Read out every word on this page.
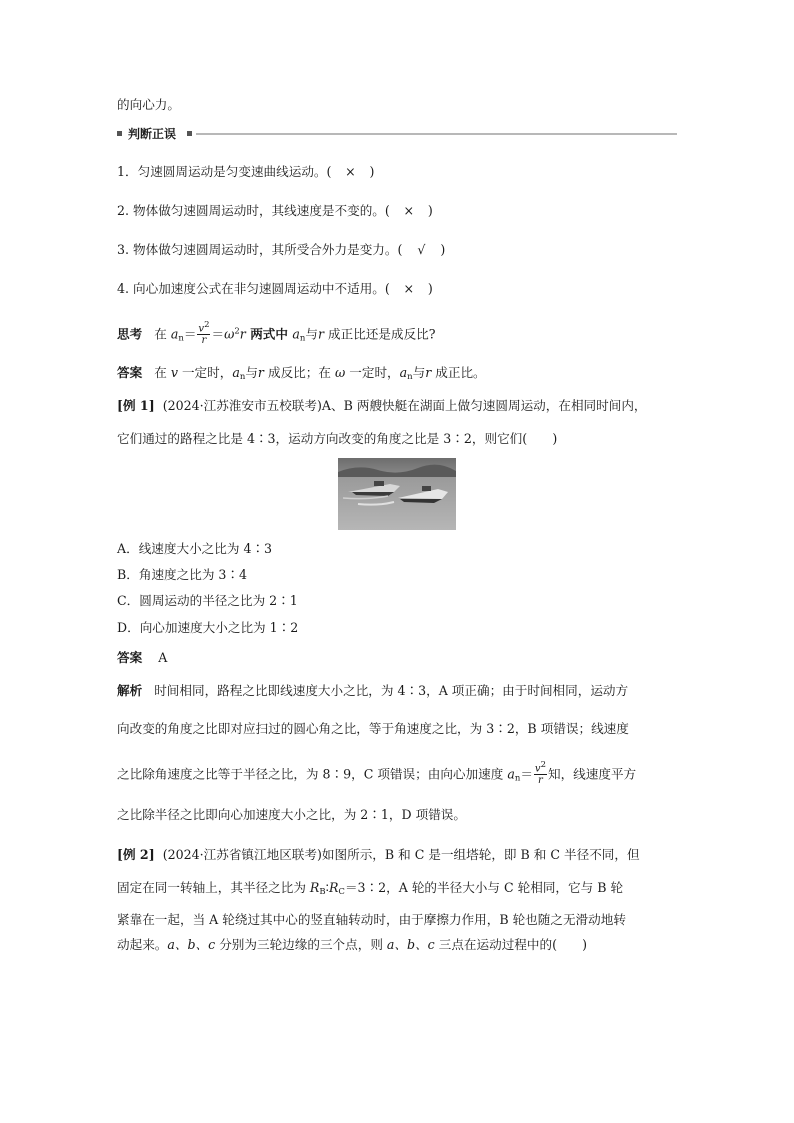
的向心力。
判断正误
1．匀速圆周运动是匀变速曲线运动。( × )
2. 物体做匀速圆周运动时，其线速度是不变的。( × )
3. 物体做匀速圆周运动时，其所受合外力是变力。( √ )
4. 向心加速度公式在非匀速圆周运动中不适用。( × )
思考 在 $a_n= \frac{v^2}{r} =\omega^2r$ 两式中 $a_n$与r 成正比还是成反比?
答案 在 v 一定时，$a_n$与r 成反比；在 ω 一定时，$a_n$与r 成正比。
[例 1] (2024·江苏淮安市五校联考)A、B 两艘快艇在湖面上做匀速圆周运动，在相同时间内，
它们通过的路程之比是 4∶3，运动方向改变的角度之比是 3∶2，则它们(　　)
A．线速度大小之比为 4∶3
B．角速度之比为 3∶4
C．圆周运动的半径之比为 2∶1
D．向心加速度大小之比为 1∶2
答案 A
解析 时间相同，路程之比即线速度大小之比，为 4∶3，A 项正确；由于时间相同，运动方
向改变的角度之比即对应扫过的圆心角之比，等于角速度之比，为 3∶2，B 项错误；线速度
之比除角速度之比等于半径之比，为 8∶9，C 项错误；由向心加速度 $a_n= \frac{v^2}{r}$ 知，线速度平方
之比除半径之比即向心加速度大小之比，为 2∶1，D 项错误。
[例 2] (2024·江苏省镇江地区联考)如图所示，B 和 C 是一组塔轮，即 B 和 C 半径不同，但
固定在同一转轴上，其半径之比为 $R_B∶R_C=3∶2$，A 轮的半径大小与 C 轮相同，它与 B 轮
紧靠在一起，当 A 轮绕过其中心的竖直轴转动时，由于摩擦力作用，B 轮也随之无滑动地转
动起来。a、b、c 分别为三轮边缘的三个点，则 a、b、c 三点在运动过程中的(　　)
